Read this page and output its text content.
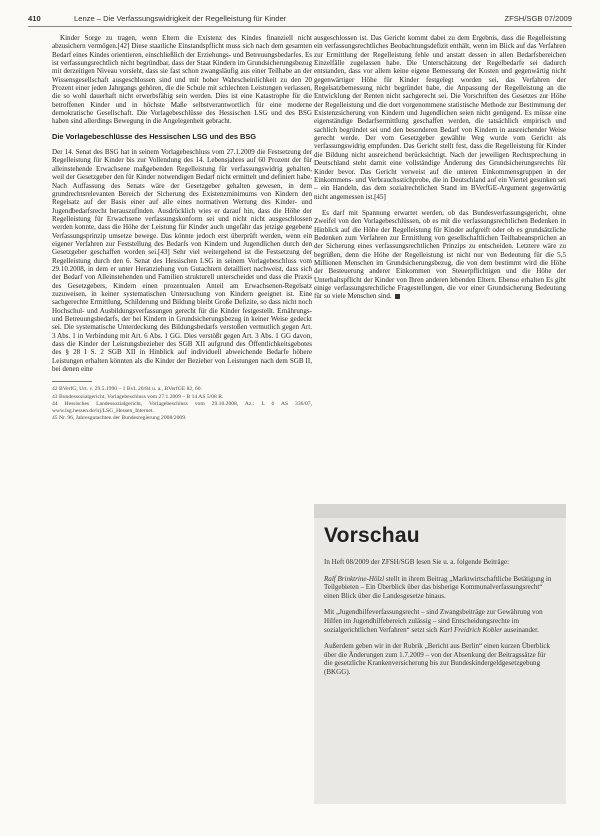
410	Lenze – Die Verfassungswidrigkeit der Regelleistung für Kinder	ZFSH/SGB 07/2009

Kinder Sorge zu tragen, wenn Eltern die Existenz des Kindes finanziell nicht abzusichern vermögen.[42] Diese staatliche Einstandspflicht muss sich nach dem gesamten Bedarf eines Kindes orientieren, einschließlich der Erziehungs- und Betreuungsbedarfes. Es ist verfassungsrechtlich nicht begründbar, dass der Staat Kindern im Grundsicherungsbezug mit derzeitigen Niveau vorsieht, dass sie fast schon zwangsläufig aus einer Teilhabe an der Wissensgesellschaft ausgeschlossen sind und mit hoher Wahrscheinlichkeit zu den 20 Prozent einer jeden Jahrgangs gehören, die die Schule mit schlechten Leistungen verlassen, die so wohl dauerhaft nicht erwerbsfähig sein werden. Dies ist eine Katastrophe für die betroffenen Kinder und in höchste Maße selbstverantwortlich für eine moderne demokratische Gesellschaft. Die Vorlagebeschlüsse des Hessischen LSG und des BSG haben sind allerdings Bewegung in die Angelegenheit gebracht.

Die Vorlagebeschlüsse des Hessischen LSG und des BSG

Der 14. Senat des BSG hat in seinem Vorlagebeschluss vom 27.1.2009 die Festsetzung der Regelleistung für Kinder bis zur Vollendung des 14. Lebensjahres auf 60 Prozent der für alleinstehende Erwachsene maßgebenden Regelleistung für verfassungswidrig gehalten, weil der Gesetzgeber den für Kinder notwendigen Bedarf nicht ermittelt und definiert habe. Nach Auffassung des Senats wäre der Gesetzgeber gehalten gewesen, in dem grundrechtsrelevanten Bereich der Sicherung des Existenzminimums von Kindern den Regelsatz auf der Basis einer auf alle eines normativen Wertung des Kinder- und Jugendbedarfsrecht herauszufinden. Ausdrücklich wies er darauf hin, dass die Höhe der Regelleistung für Erwachsene verfassungskonform sei und nicht nicht ausgeschlossen werden konnte, dass die Höhe der Leistung für Kinder auch ungefähr das jetzige gegebene Verfassungsprinzip umsetze bewege. Das könnte jedoch erst überprüft werden, wenn ein eigener Verfahren zur Feststellung des Bedarfs von Kindern und Jugendlichen durch den Gesetzgeber geschaffen worden sei.[43] Sehr viel weitergehend ist die Festsetzung der Regelleistung durch den 6. Senat des Hessischen LSG in seinem Vorlagebeschluss vom 29.10.2008, in dem er unter Heranziehung von Gutachtern detailliert nachweist, dass sich der Bedarf von Alleinstehenden und Familien strukturell unterscheidet und dass die Praxis des Gesetzgebers, Kindern einen prozentualen Anteil am Erwachsenen-Regelsatz zuzuweisen, in keiner systematischen Untersuchung von Kindern geeignet ist. Eine sachgerechte Ermittlung, Schilderung und Bildung bleibt Große Defizite, so dass nicht noch Hochschul- und Ausbildungsverfassungen gerecht für die Kinder festgestellt. Ernährungs- und Betreuungsbedarfs, der bei Kindern in Grundsicherungsbezug in keiner Weise gedeckt sei. Die systematische Unterdeckung des Bildungsbedarfs verstoßen vermutlich gegen Art. 3 Abs. 1 in Verbindung mit Art. 6 Abs. 1 GG. Dies verstößt gegen Art. 3 Abs. 1 GG davon, dass die Kinder der Leistungsbezieher des SGB XII aufgrund des Öffentlichkeitsgebotes des § 28 I S. 2 SGB XII in Hinblick auf individuell abweichende Bedarfe höhere Leistungen erhalten könnten als die Kinder der Bezieher von Leistungen nach dem SGB II, bei denen eine

42 BVerfG, Urt. v. 29.5.1990 – 1 BvL 20/84 u. a., BVerfGE 82, 60.
43 Bundessozialgericht, Vorlagebeschluss vom 27.1.2009 – B 14 AS 5/08 R.
44 Hessisches Landessozialgericht, Vorlagebeschluss vom 29.10.2008, Az.: L 6 AS 336/07, www.lsg.hessen.de/irj/LSG_Hessen_Internet.
45 Nr. 96, Jahresgutachten der Bundesregierung 2008/2009.

ausgeschlossen ist. Das Gericht kommt dabei zu dem Ergebnis, dass die Regelleistung ein verfassungsrechtliches Beobachtungsdefizit enthält, wenn im Blick auf das Verfahren zur Ermittlung der Regelleistung fehle und anstatt dessen in allen Bedarfsbereichen Einzelfälle zugelassen habe. Die Unterschätzung der Regelbedarfe sei dadurch entstanden, dass vor allem keine eigene Bemessung der Kosten und gegenwärtig nicht gegenwärtiger Höhe für Kinder festgelegt worden sei, das Verfahren der Regelsatzbemessung nicht begründet habe, die Anpassung der Regelleistung an die Entwicklung der Renten nicht sachgerecht sei. Die Vorschriften des Gesetzes zur Höhe der Regelleistung und die dort vorgenommene statistische Methode zur Bestimmung der Existenzsicherung von Kindern und Jugendlichen seien nicht genügend. Es müsse eine eigenständige Bedarfsermittlung geschaffen werden, die tatsächlich empirisch und sachlich begründet sei und den besonderen Bedarf von Kindern in ausreichender Weise gerecht werde. Der vom Gesetzgeber gewählte Weg wurde vom Gericht als verfassungswidrig empfunden. Das Gericht stellt fest, dass die Regelleistung für Kinder die Bildung nicht ausreichend berücksichtigt. Nach der jeweiligen Rechtsprechung in Deutschland steht damit eine vollständige Änderung des Grundsicherungsrechts für Kinder bevor. Das Gericht verweist auf die unteren Einkommensgruppen in der Einkommens- und Verbrauchsstichprobe, die in Deutschland auf ein Viertel gesunken sei – ein Handeln, das dem sozialrechtlichen Stand im BVerfGE-Argument gegenwärtig nicht angemessen ist.[45]

Es darf mit Spannung erwartet werden, ob das Bundesverfassungsgericht, ohne Zweifel von den Vorlagebeschlüssen, ob es mit die verfassungsrechtlichen Bedenken in Hinblick auf die Höhe der Regelleistung für Kinder aufgreift oder ob es grundsätzliche Bedenken zum Verfahren zur Ermittlung von gesellschaftlichen Teilhabeansprüchen an der Sicherung eines verfassungsrechtlichen Prinzips zu entscheiden. Letztere wäre zu begrüßen, denn die Höhe der Regelleistung ist nicht nur von Bedeutung für die 5,5 Millionen Menschen im Grundsicherungsbezug, die von dem bestimmt wird die Höhe der Besteuerung anderer Einkommen von Steuerpflichtigen und die Höhe der Unterhaltspflicht der Kinder von Ihren anderen lebenden Eltern. Ebenso erhalten Es gibt einige verfassungsrechtliche Fragestellungen, die vor einer Grundsicherung Bedeutung für so viele Menschen sind.

Vorschau

In Heft 08/2009 der ZFSH/SGB lesen Sie u. a. folgende Beiträge:

Ralf Brinktrine-Hölzl stellt in ihrem Beitrag „Marktwirtschaftliche Betätigung in Teilgebieten – Ein Überblick über das bisherige Kommunalverfassungsrecht“ einen Blick über die Landesgesetze hinaus.

Mit „Jugendhilfeverfassungsrecht – sind Zwangsbeiträge zur Gewährung von Hilfen im Jugendhilfebereich zulässig – sind Entscheidungsrechte im sozialgerichtlichen Verfahren“ setzt sich Karl Freidrich Kobler auseinander.

Außerdem geben wir in der Rubrik „Bericht aus Berlin“ einen kurzen Überblick über die Änderungen zum 1.7.2009 – von der Absenkung der Beitragssätze für die gesetzliche Krankenversicherung bis zur Bundeskindergeldgesetzgebung (BKGG).
